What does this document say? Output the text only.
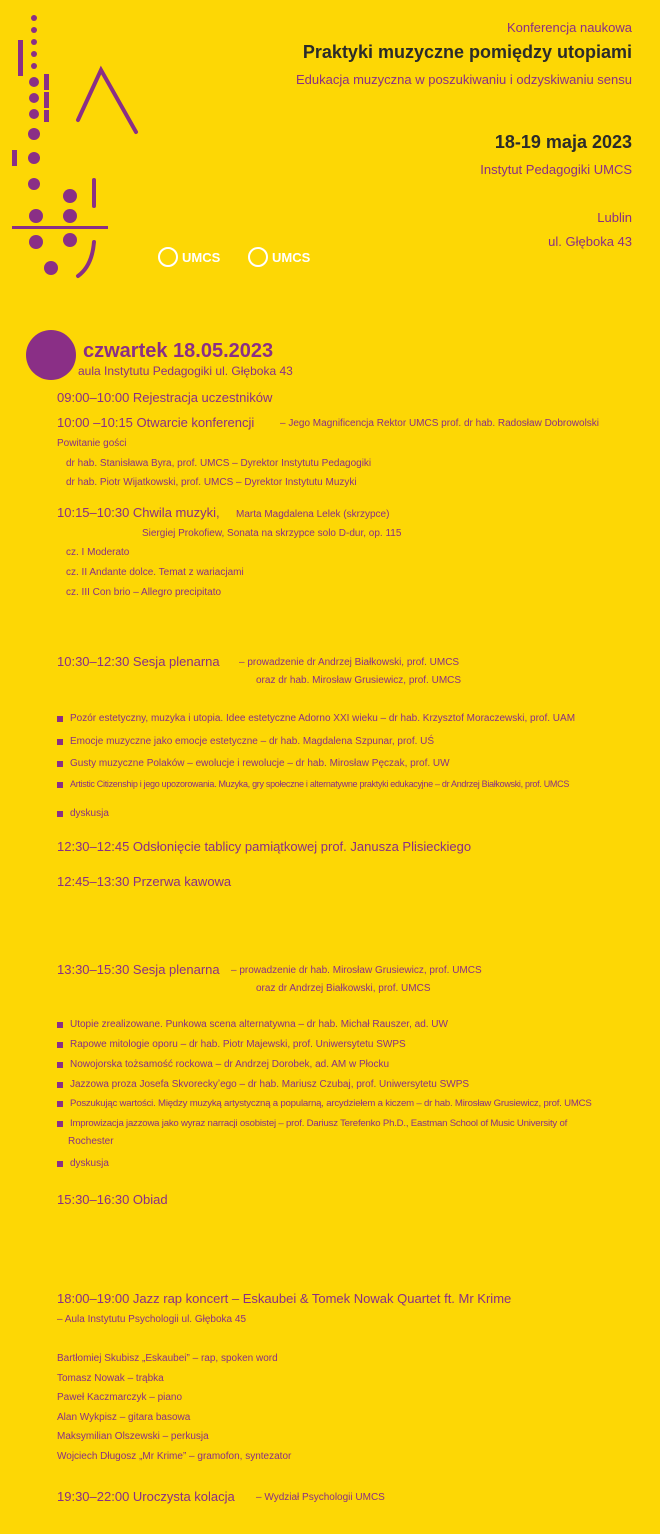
UMCS	UMCS
Konferencja naukowa
Praktyki muzyczne pomiędzy utopiami
Edukacja muzyczna w poszukiwaniu i odzyskiwaniu sensu
18-19 maja 2023
Instytut Pedagogiki UMCS
Lublin
ul. Głęboka 43
czwartek 18.05.2023
aula Instytutu Pedagogiki ul. Głęboka 43
09:00–10:00 Rejestracja uczestników
10:00 –10:15 Otwarcie konferencji	– Jego Magnificencja Rektor UMCS prof. dr hab. Radosław Dobrowolski
Powitanie gości
dr hab. Stanisława Byra, prof. UMCS – Dyrektor Instytutu Pedagogiki
dr hab. Piotr Wijatkowski, prof. UMCS – Dyrektor Instytutu Muzyki
10:15–10:30 Chwila muzyki, Marta Magdalena Lelek (skrzypce)
Siergiej Prokofiew, Sonata na skrzypce solo D-dur, op. 115
cz. I Moderato
cz. II Andante dolce. Temat z wariacjami
cz. III Con brio – Allegro precipitato
10:30–12:30 Sesja plenarna – prowadzenie dr Andrzej Białkowski, prof. UMCS
oraz dr hab. Mirosław Grusiewicz, prof. UMCS
Pozór estetyczny, muzyka i utopia. Idee estetyczne Adorno XXI wieku – dr hab. Krzysztof Moraczewski, prof. UAM
Emocje muzyczne jako emocje estetyczne – dr hab. Magdalena Szpunar, prof. UŚ
Gusty muzyczne Polaków – ewolucje i rewolucje – dr hab. Mirosław Pęczak, prof. UW
Artistic Citizenship i jego upozorowania. Muzyka, gry społeczne i alternatywne praktyki edukacyjne – dr Andrzej Białkowski, prof. UMCS
dyskusja
12:30–12:45 Odsłonięcie tablicy pamiątkowej prof. Janusza Plisieckiego
12:45–13:30 Przerwa kawowa
13:30–15:30 Sesja plenarna – prowadzenie dr hab. Mirosław Grusiewicz, prof. UMCS
oraz dr Andrzej Białkowski, prof. UMCS
Utopie zrealizowane. Punkowa scena alternatywna – dr hab. Michał Rauszer, ad. UW
Rapowe mitologie oporu – dr hab. Piotr Majewski, prof. Uniwersytetu SWPS
Nowojorska tożsamość rockowa – dr Andrzej Dorobek, ad. AM w Płocku
Jazzowa proza Josefa Skvoreckyʼego – dr hab. Mariusz Czubaj, prof. Uniwersytetu SWPS
Poszukując wartości. Między muzyką artystyczną a popularną, arcydziełem a kiczem – dr hab. Mirosław Grusiewicz, prof. UMCS
Improwizacja jazzowa jako wyraz narracji osobistej – prof. Dariusz Terefenko Ph.D., Eastman School of Music University of
Rochester
dyskusja
15:30–16:30 Obiad
18:00–19:00 Jazz rap koncert – Eskaubei & Tomek Nowak Quartet ft. Mr Krime
– Aula Instytutu Psychologii ul. Głęboka 45
Bartłomiej Skubisz „Eskaubei” – rap, spoken word
Tomasz Nowak – trąbka
Paweł Kaczmarczyk – piano
Alan Wykpisz – gitara basowa
Maksymilian Olszewski – perkusja
Wojciech Długosz „Mr Krime” – gramofon, syntezator
19:30–22:00 Uroczysta kolacja – Wydział Psychologii UMCS
